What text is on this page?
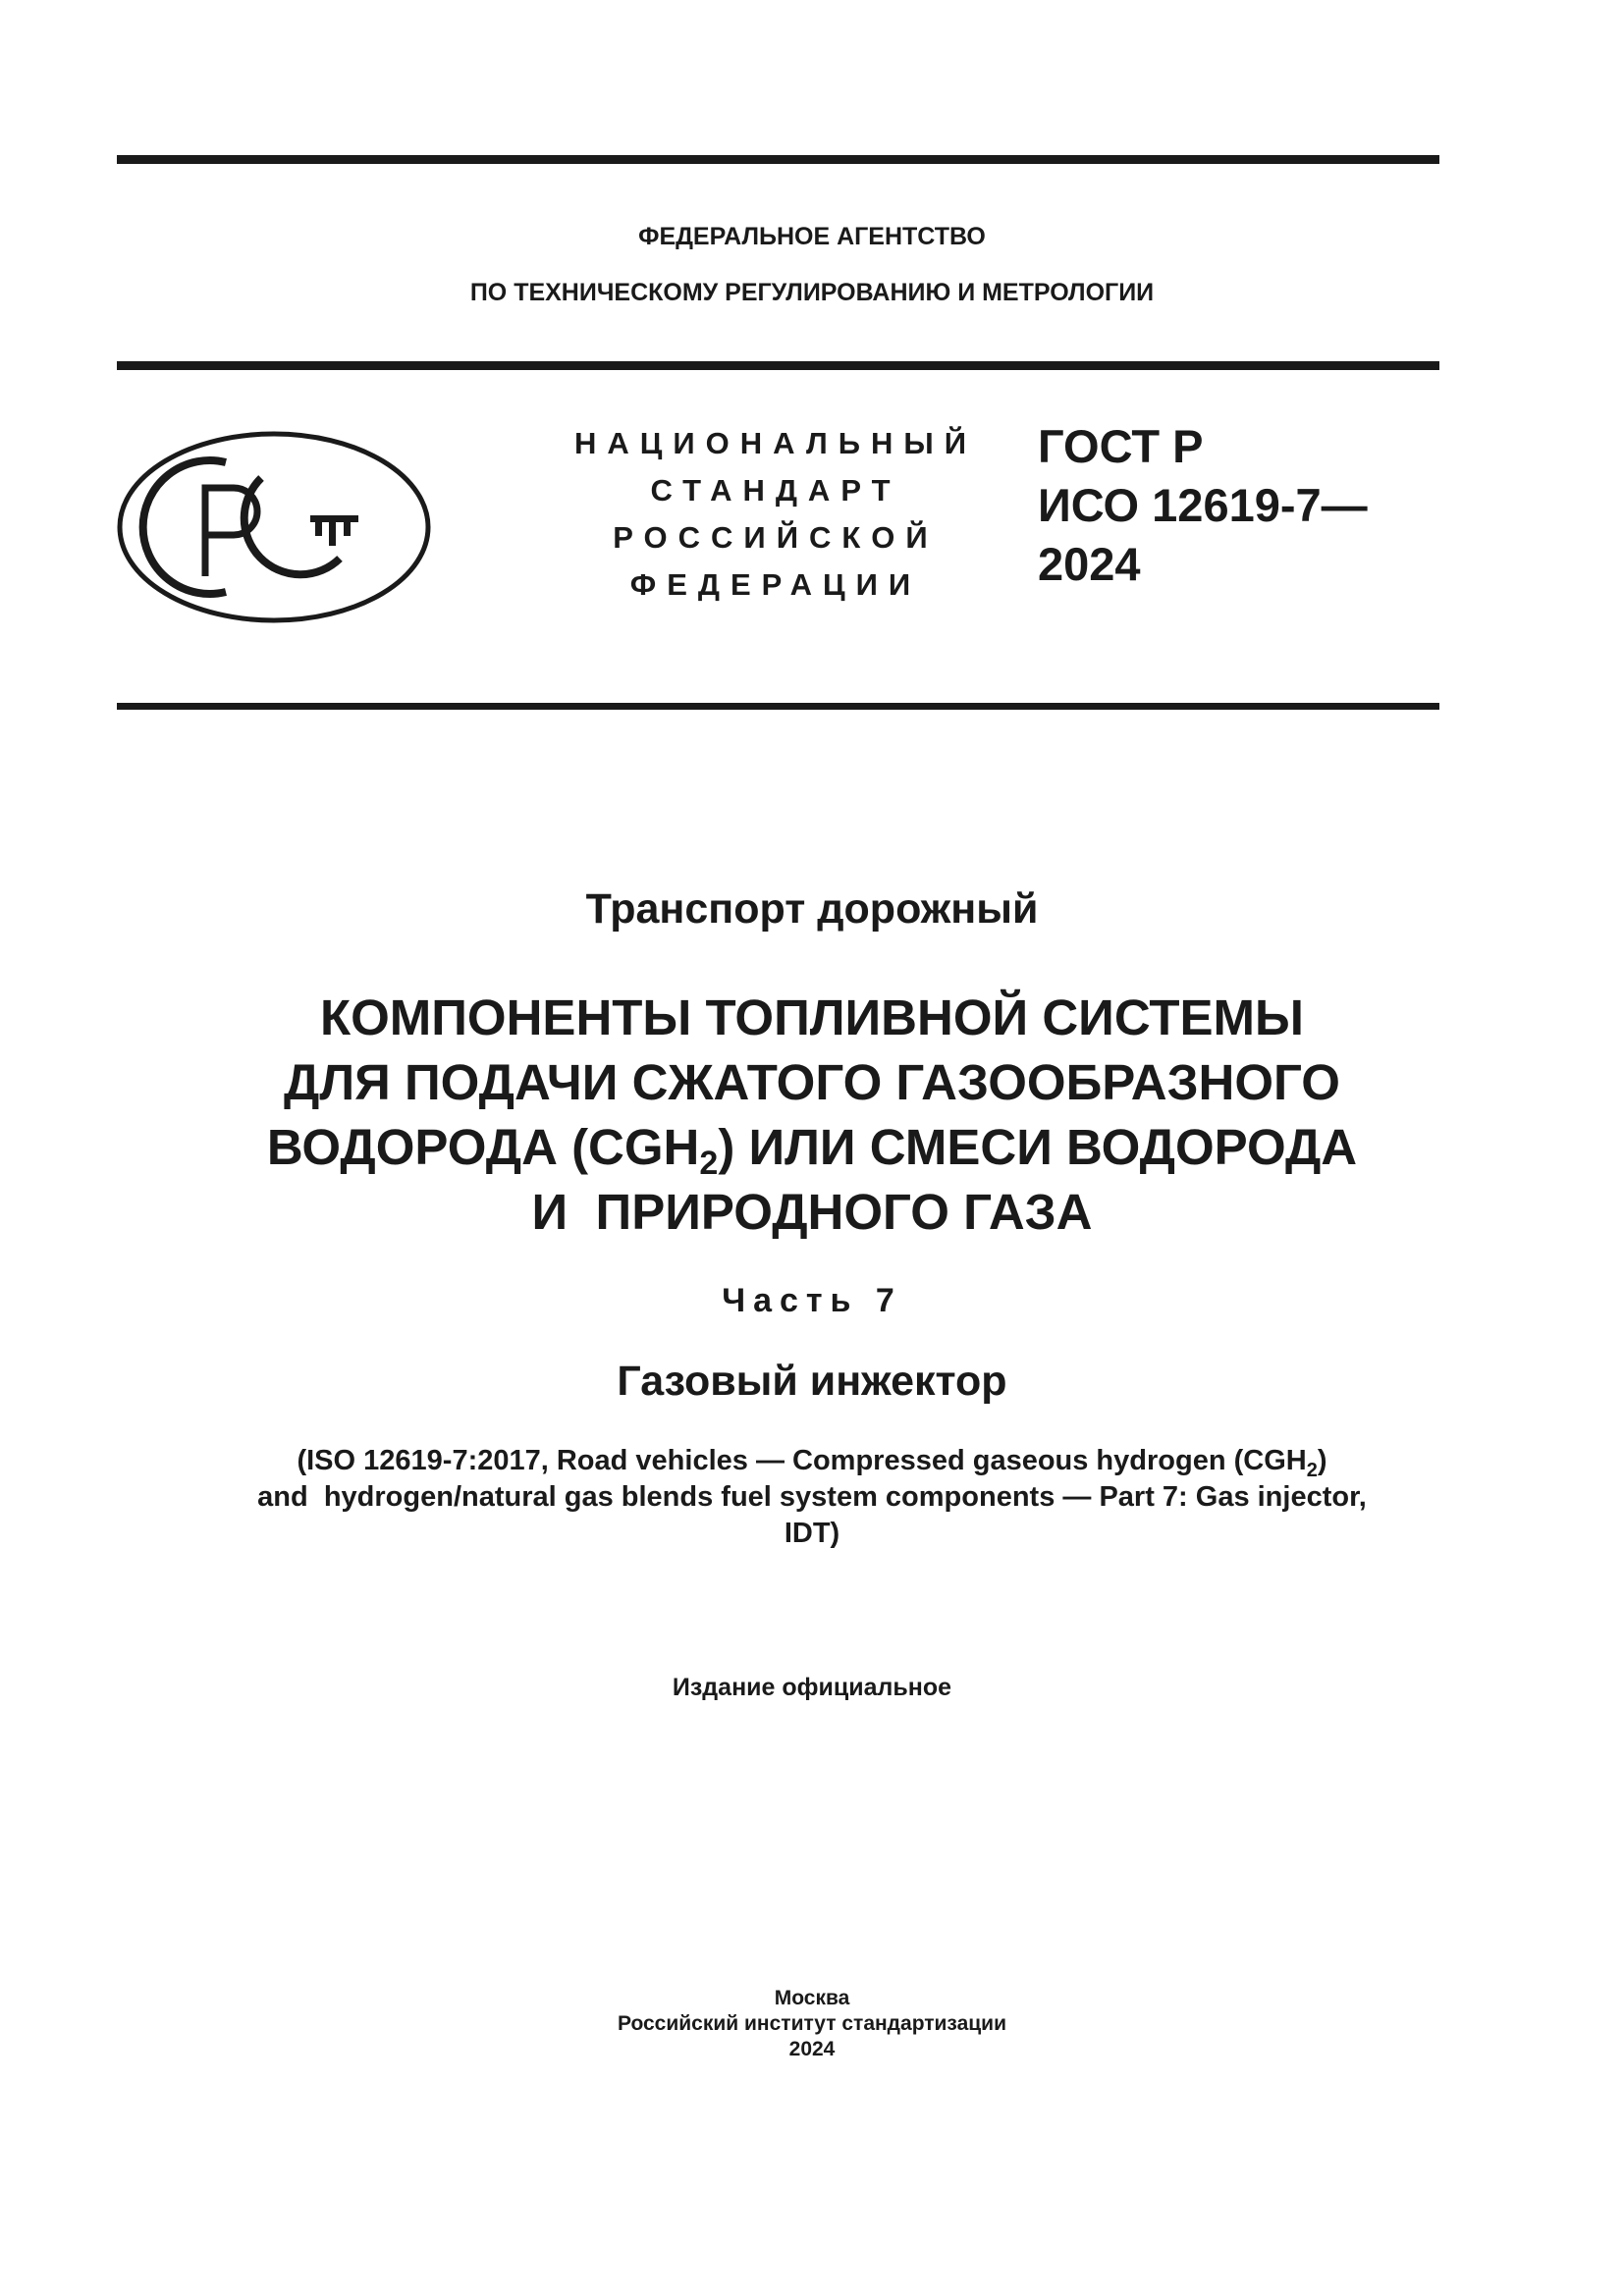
ФЕДЕРАЛЬНОЕ АГЕНТСТВО
ПО ТЕХНИЧЕСКОМУ РЕГУЛИРОВАНИЮ И МЕТРОЛОГИИ
НАЦИОНАЛЬНЫЙ
СТАНДАРТ
РОССИЙСКОЙ
ФЕДЕРАЦИИ
ГОСТ Р
ИСО 12619-7—
2024
Транспорт дорожный
КОМПОНЕНТЫ ТОПЛИВНОЙ СИСТЕМЫ
ДЛЯ ПОДАЧИ СЖАТОГО ГАЗООБРАЗНОГО
ВОДОРОДА $(CGH_2)$ ИЛИ СМЕСИ ВОДОРОДА
И  ПРИРОДНОГО ГАЗА
Часть 7
Газовый инжектор
(ISO 12619-7:2017, Road vehicles — Compressed gaseous hydrogen $(CGH_2)$
and  hydrogen/natural gas blends fuel system components — Part 7: Gas injector,
IDT)
Издание официальное
Москва
Российский институт стандартизации
2024
